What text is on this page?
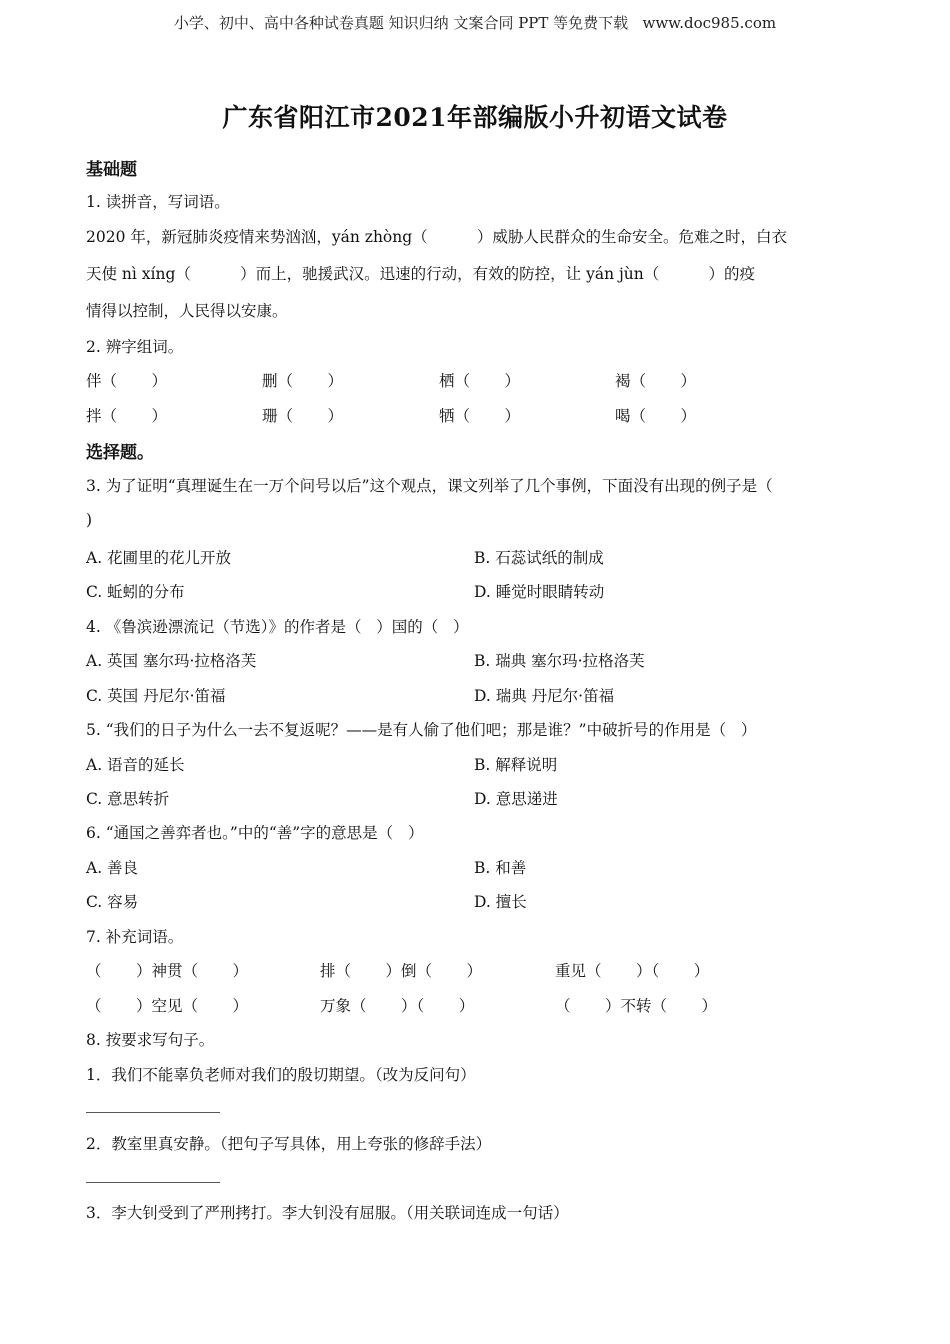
小学、初中、高中各种试卷真题 知识归纳 文案合同 PPT 等免费下载   www.doc985.com
广东省阳江市2021年部编版小升初语文试卷
基础题
1. 读拼音，写词语。
2020 年，新冠肺炎疫情来势汹汹，yán zhòng（          ）威胁人民群众的生命安全。危难之时，白衣
天使 nì xíng（          ）而上，驰援武汉。迅速的行动，有效的防控，让 yán jùn（          ）的疫
情得以控制，人民得以安康。
2. 辨字组词。
伴（       ）	删（       ）	栖（       ）	褐（       ）
拌（       ）	珊（       ）	牺（       ）	喝（       ）
选择题。
3. 为了证明“真理诞生在一万个问号以后”这个观点，课文列举了几个事例，下面没有出现的例子是（
)
A. 花圃里的花儿开放	B. 石蕊试纸的制成
C. 蚯蚓的分布	D. 睡觉时眼睛转动
4. 《鲁滨逊漂流记（节选）》的作者是（   ）国的（   ）
A. 英国 塞尔玛·拉格洛芙	B. 瑞典 塞尔玛·拉格洛芙
C. 英国 丹尼尔·笛福	D. 瑞典 丹尼尔·笛福
5. “我们的日子为什么一去不复返呢？——是有人偷了他们吧；那是谁？”中破折号的作用是（   ）
A. 语音的延长	B. 解释说明
C. 意思转折	D. 意思递进
6. “通国之善弈者也。”中的“善”字的意思是（   ）
A. 善良	B. 和善
C. 容易	D. 擅长
7. 补充词语。
（       ）神贯（       ）	排（       ）倒（       ）	重见（       ）（       ）
（       ）空见（       ）	万象（       ）（       ）	（       ）不转（       ）
8. 按要求写句子。
1．我们不能辜负老师对我们的殷切期望。（改为反问句）
2．教室里真安静。（把句子写具体，用上夸张的修辞手法）
3．李大钊受到了严刑拷打。李大钊没有屈服。（用关联词连成一句话）
